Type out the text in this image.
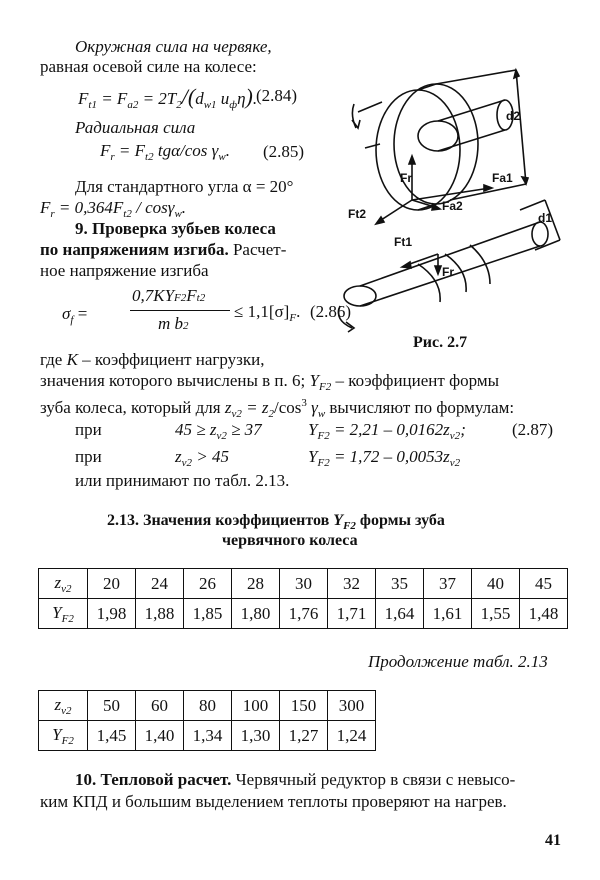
Окружная сила на червяке,
равная осевой силе на колесе:
$F_{t1} = F_{a2} = 2T_2/(d_{w1}$ $u_ф\eta$).
(2.84)
Радиальная сила
$F_r = F_{t2}$ tgα/cos $\gamma_w$. (2.85)
Для стандартного угла α = 20°
$F_r = 0,364F_{t2} / \cos\gamma_w$.
9. Проверка зубьев колеса
по напряжениям изгиба. Расчет-
ное напряжение изгиба
$\sigma_f$ =
0,7KYF2Ft2
m b2
≤ $1,1[\sigma]_F$. (2.86)
d2
Fr
Ft2
Fa2
Fa1
d1
Ft1
Fr
Рис. 2.7
где K – коэффициент нагрузки,
значения которого вычислены в п. 6; $Y_{F2}$ – коэффициент формы
зуба колеса, который для $z_{v2} = z_2/\cos^3$ $\gamma_w$ вычисляют по формулам:
при	$45 \ge z_{v2} \ge 37$	$Y_{F2} = 2,21 - 0,0162z_{v2}$;	(2.87)
при	$z_{v2} > 45$	$Y_{F2} = 1,72 - 0,0053z_{v2}$
или принимают по табл. 2.13.
2.13. Значения коэффициентов $Y_{F2}$ формы зуба
червячного колеса
$z_{v2}$	20	24	26	28	30	32	35	37	40	45
$Y_{F2}$	1,98	1,88	1,85	1,80	1,76	1,71	1,64	1,61	1,55	1,48
Продолжение табл. 2.13
$z_{v2}$	50	60	80	100	150	300
$Y_{F2}$	1,45	1,40	1,34	1,30	1,27	1,24
10. Тепловой расчет. Червячный редуктор в связи с невысо-
ким КПД и большим выделением теплоты проверяют на нагрев.
41
